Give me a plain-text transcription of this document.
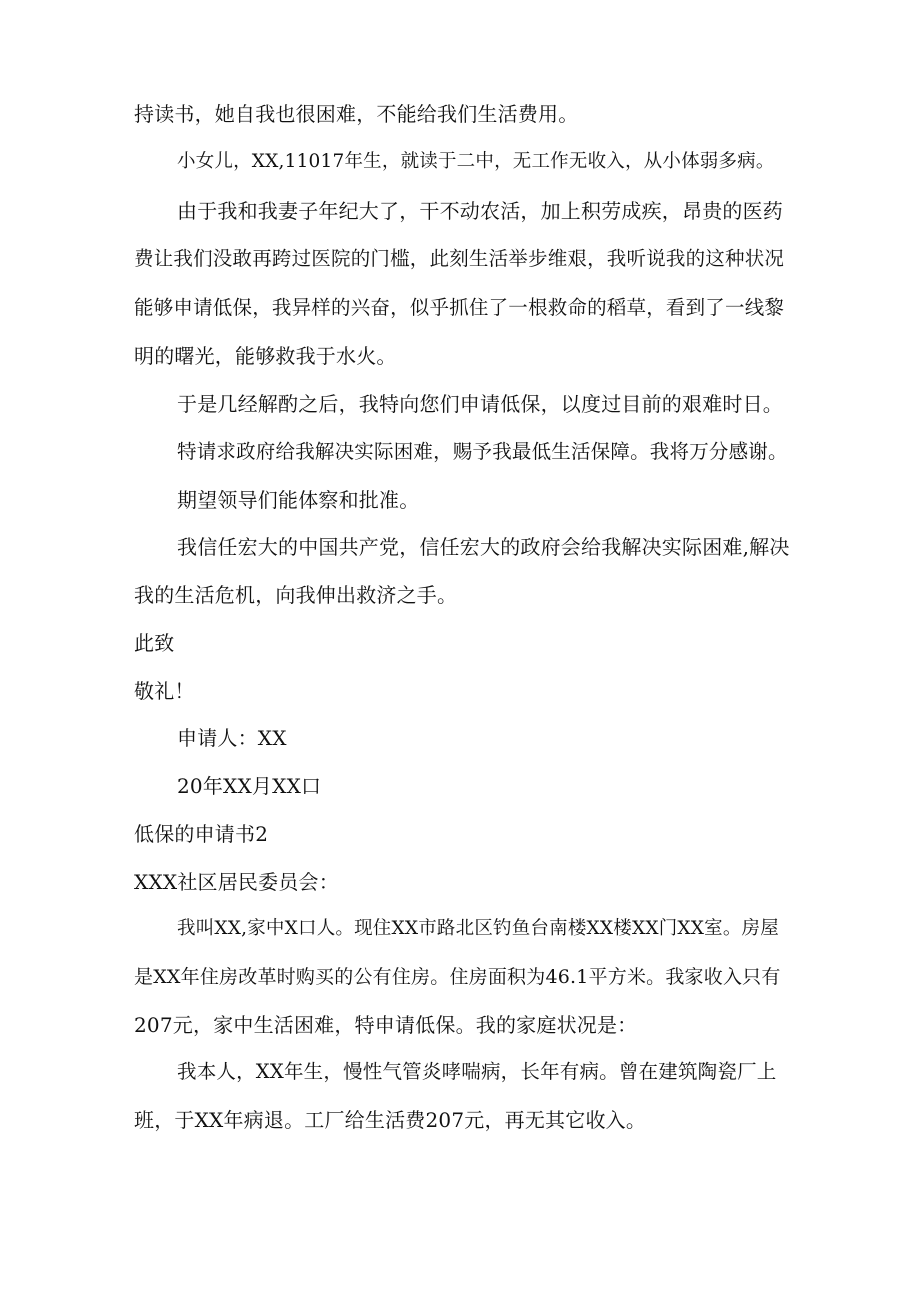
持读书，她自我也很困难，不能给我们生活费用。
小女儿，XX,11017年生，就读于二中，无工作无收入，从小体弱多病。
由于我和我妻子年纪大了，干不动农活，加上积劳成疾，昂贵的医药
费让我们没敢再跨过医院的门槛，此刻生活举步维艰，我听说我的这种状况
能够申请低保，我异样的兴奋，似乎抓住了一根救命的稻草，看到了一线黎
明的曙光，能够救我于水火。
于是几经解酌之后，我特向您们申请低保，以度过目前的艰难时日。
特请求政府给我解决实际困难，赐予我最低生活保障。我将万分感谢。
期望领导们能体察和批准。
我信任宏大的中国共产党，信任宏大的政府会给我解决实际困难,解决
我的生活危机，向我伸出救济之手。
此致
敬礼！
申请人：XX
20年XX月XX口
低保的申请书2
XXX社区居民委员会：
我叫XX,家中X口人。现住XX市路北区钓鱼台南楼XX楼XX门XX室。房屋
是XX年住房改革时购买的公有住房。住房面积为46.1平方米。我家收入只有
207元，家中生活困难，特申请低保。我的家庭状况是：
我本人，XX年生，慢性气管炎哮喘病，长年有病。曾在建筑陶瓷厂上
班，于XX年病退。工厂给生活费207元，再无其它收入。
